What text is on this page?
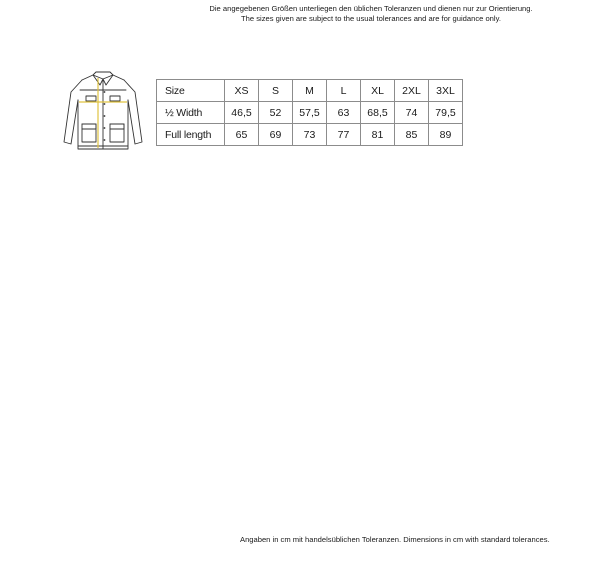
Die angegebenen Größen unterliegen den üblichen Toleranzen und dienen nur zur Orientierung.
The sizes given are subject to the usual tolerances and are for guidance only.
Size	XS	S	M	L	XL	2XL	3XL
½ Width	46,5	52	57,5	63	68,5	74	79,5
Full length	65	69	73	77	81	85	89
Angaben in cm mit handelsüblichen Toleranzen. Dimensions in cm with standard tolerances.
